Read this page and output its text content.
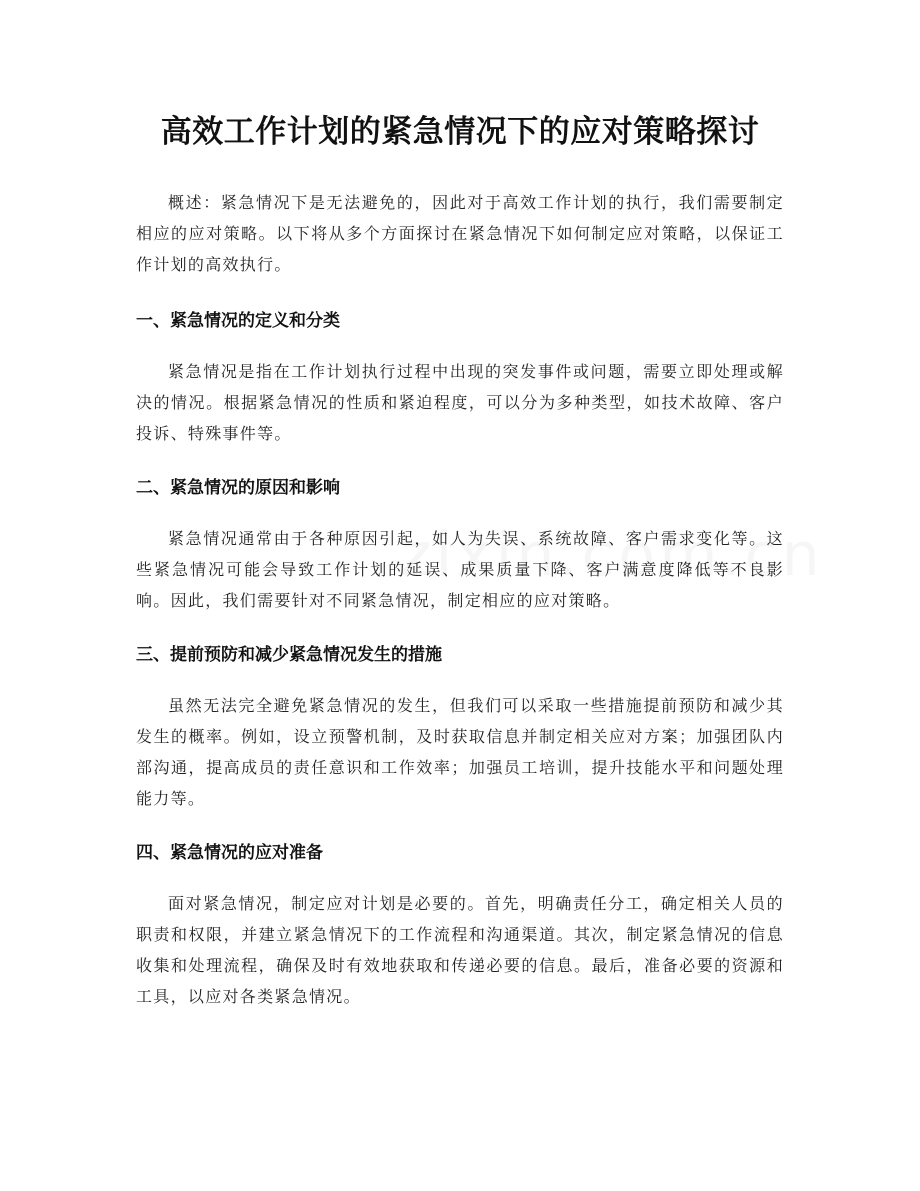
高效工作计划的紧急情况下的应对策略探讨

概述：紧急情况下是无法避免的，因此对于高效工作计划的执行，我们需要制定相应的应对策略。以下将从多个方面探讨在紧急情况下如何制定应对策略，以保证工作计划的高效执行。

一、紧急情况的定义和分类

紧急情况是指在工作计划执行过程中出现的突发事件或问题，需要立即处理或解决的情况。根据紧急情况的性质和紧迫程度，可以分为多种类型，如技术故障、客户投诉、特殊事件等。

二、紧急情况的原因和影响

紧急情况通常由于各种原因引起，如人为失误、系统故障、客户需求变化等。这些紧急情况可能会导致工作计划的延误、成果质量下降、客户满意度降低等不良影响。因此，我们需要针对不同紧急情况，制定相应的应对策略。

三、提前预防和减少紧急情况发生的措施

虽然无法完全避免紧急情况的发生，但我们可以采取一些措施提前预防和减少其发生的概率。例如，设立预警机制，及时获取信息并制定相关应对方案；加强团队内部沟通，提高成员的责任意识和工作效率；加强员工培训，提升技能水平和问题处理能力等。

四、紧急情况的应对准备

面对紧急情况，制定应对计划是必要的。首先，明确责任分工，确定相关人员的职责和权限，并建立紧急情况下的工作流程和沟通渠道。其次，制定紧急情况的信息收集和处理流程，确保及时有效地获取和传递必要的信息。最后，准备必要的资源和工具，以应对各类紧急情况。
